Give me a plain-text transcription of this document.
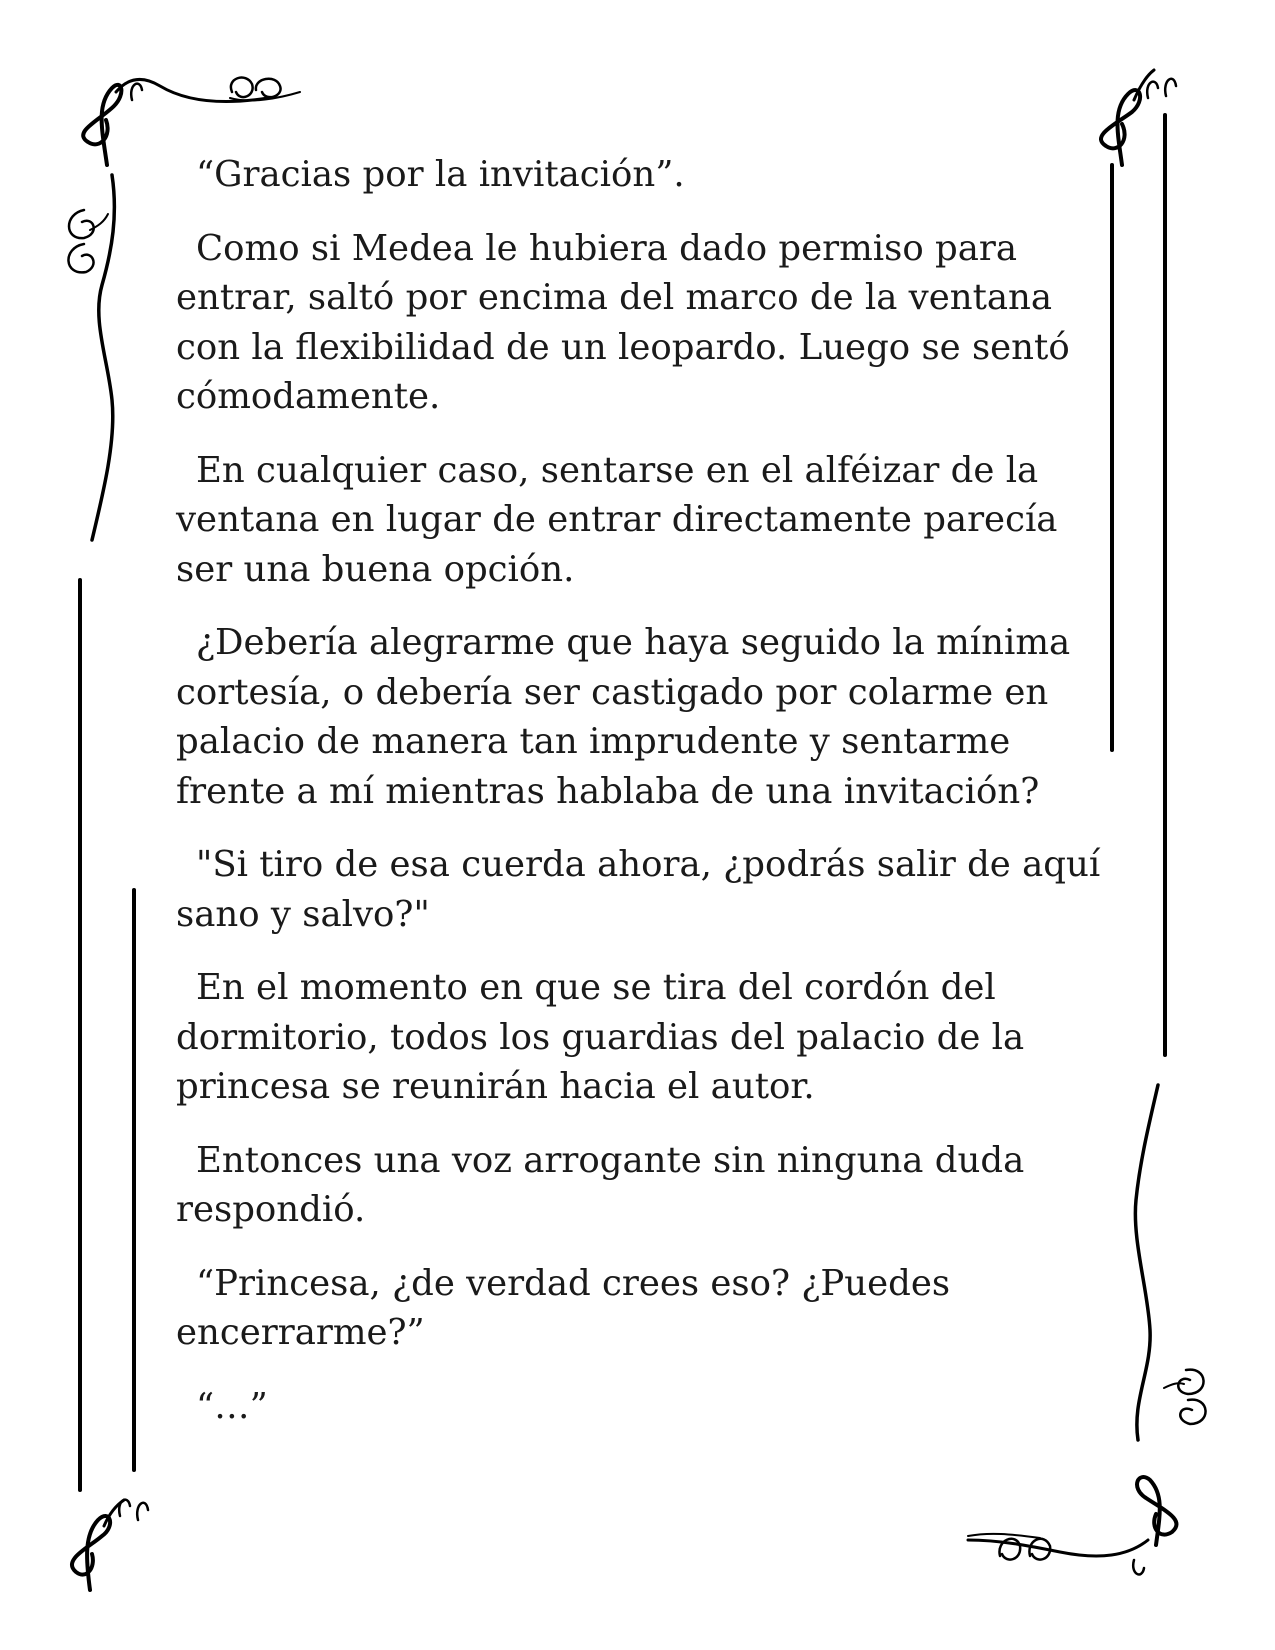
“Gracias por la invitación”.

Como si Medea le hubiera dado permiso para entrar, saltó por encima del marco de la ventana con la flexibilidad de un leopardo. Luego se sentó cómodamente.

En cualquier caso, sentarse en el alféizar de la ventana en lugar de entrar directamente parecía ser una buena opción.

¿Debería alegrarme que haya seguido la mínima cortesía, o debería ser castigado por colarme en palacio de manera tan imprudente y sentarme frente a mí mientras hablaba de una invitación?

"Si tiro de esa cuerda ahora, ¿podrás salir de aquí sano y salvo?"

En el momento en que se tira del cordón del dormitorio, todos los guardias del palacio de la princesa se reunirán hacia el autor.

Entonces una voz arrogante sin ninguna duda respondió.

“Princesa, ¿de verdad crees eso? ¿Puedes encerrarme?”

“…”
